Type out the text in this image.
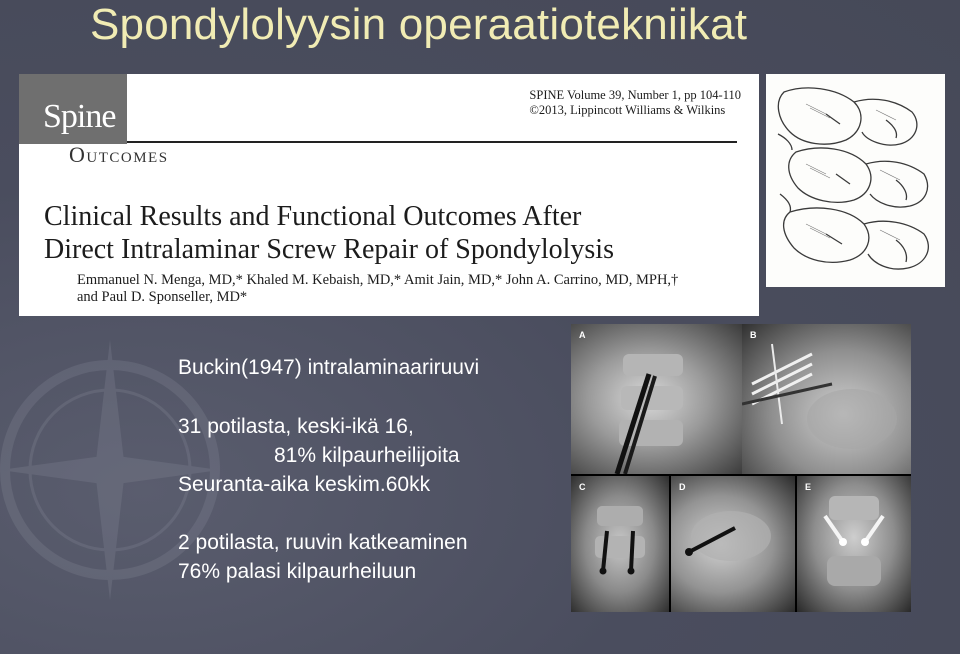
Spondylolyysin operaatiotekniikat
Spine
Outcomes
SPINE Volume 39, Number 1, pp 104-110
©2013, Lippincott Williams & Wilkins
Clinical Results and Functional Outcomes After
Direct Intralaminar Screw Repair of Spondylolysis
Emmanuel N. Menga, MD,* Khaled M. Kebaish, MD,* Amit Jain, MD,* John A. Carrino, MD, MPH,†
and Paul D. Sponseller, MD*

Buckin(1947) intralaminaariruuvi

31 potilasta, keski-ikä 16,

81% kilpaurheilijoita

Seuranta-aika keskim.60kk

2 potilasta, ruuvin katkeaminen

76% palasi kilpaurheiluun

A	B
C	D	E
